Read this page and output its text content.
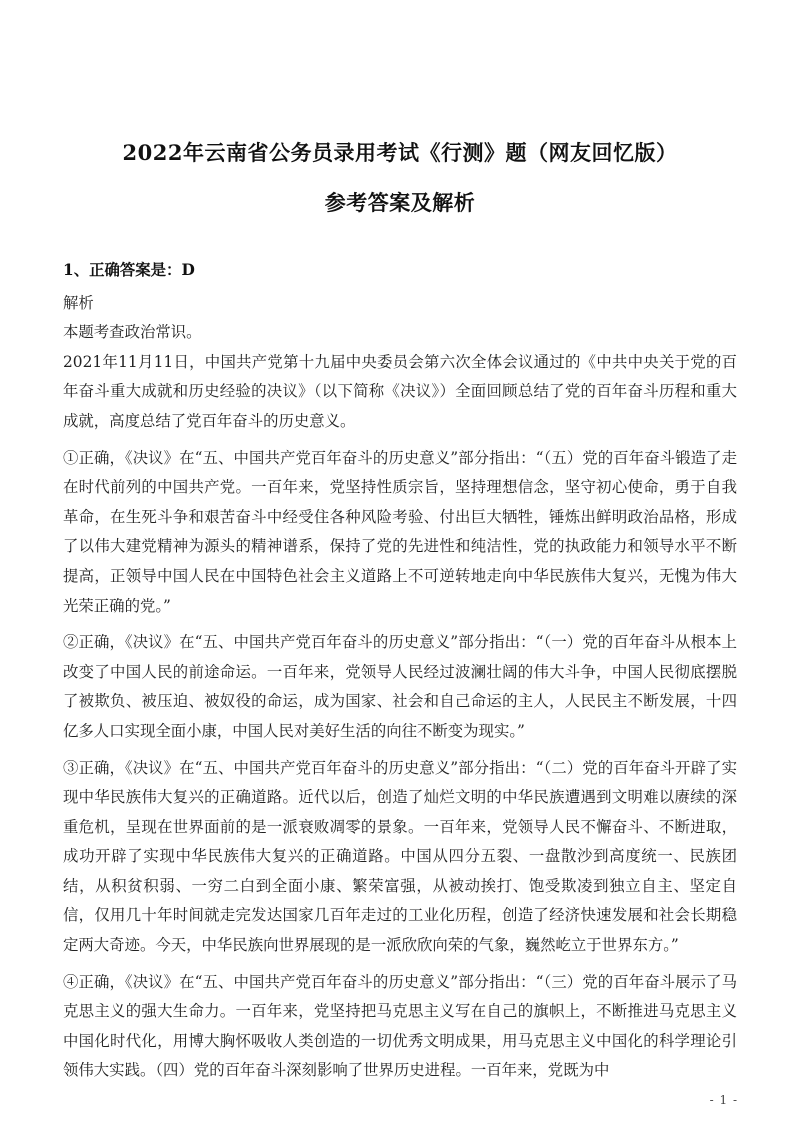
2022年云南省公务员录用考试《行测》题（网友回忆版）
参考答案及解析

1、正确答案是：D

解析

本题考查政治常识。

2021年11月11日，中国共产党第十九届中央委员会第六次全体会议通过的《中共中央关于党的百年奋斗重大成就和历史经验的决议》（以下简称《决议》）全面回顾总结了党的百年奋斗历程和重大成就，高度总结了党百年奋斗的历史意义。

①正确，《决议》在“五、中国共产党百年奋斗的历史意义”部分指出：“（五）党的百年奋斗锻造了走在时代前列的中国共产党。一百年来，党坚持性质宗旨，坚持理想信念，坚守初心使命，勇于自我革命，在生死斗争和艰苦奋斗中经受住各种风险考验、付出巨大牺牲，锤炼出鲜明政治品格，形成了以伟大建党精神为源头的精神谱系，保持了党的先进性和纯洁性，党的执政能力和领导水平不断提高，正领导中国人民在中国特色社会主义道路上不可逆转地走向中华民族伟大复兴，无愧为伟大光荣正确的党。”

②正确，《决议》在“五、中国共产党百年奋斗的历史意义”部分指出：“（一）党的百年奋斗从根本上改变了中国人民的前途命运。一百年来，党领导人民经过波澜壮阔的伟大斗争，中国人民彻底摆脱了被欺负、被压迫、被奴役的命运，成为国家、社会和自己命运的主人，人民民主不断发展，十四亿多人口实现全面小康，中国人民对美好生活的向往不断变为现实。”

③正确，《决议》在“五、中国共产党百年奋斗的历史意义”部分指出：“（二）党的百年奋斗开辟了实现中华民族伟大复兴的正确道路。近代以后，创造了灿烂文明的中华民族遭遇到文明难以赓续的深重危机，呈现在世界面前的是一派衰败凋零的景象。一百年来，党领导人民不懈奋斗、不断进取，成功开辟了实现中华民族伟大复兴的正确道路。中国从四分五裂、一盘散沙到高度统一、民族团结，从积贫积弱、一穷二白到全面小康、繁荣富强，从被动挨打、饱受欺凌到独立自主、坚定自信，仅用几十年时间就走完发达国家几百年走过的工业化历程，创造了经济快速发展和社会长期稳定两大奇迹。今天，中华民族向世界展现的是一派欣欣向荣的气象，巍然屹立于世界东方。”

④正确，《决议》在“五、中国共产党百年奋斗的历史意义”部分指出：“（三）党的百年奋斗展示了马克思主义的强大生命力。一百年来，党坚持把马克思主义写在自己的旗帜上，不断推进马克思主义中国化时代化，用博大胸怀吸收人类创造的一切优秀文明成果，用马克思主义中国化的科学理论引领伟大实践。（四）党的百年奋斗深刻影响了世界历史进程。一百年来，党既为中

- 1 -
